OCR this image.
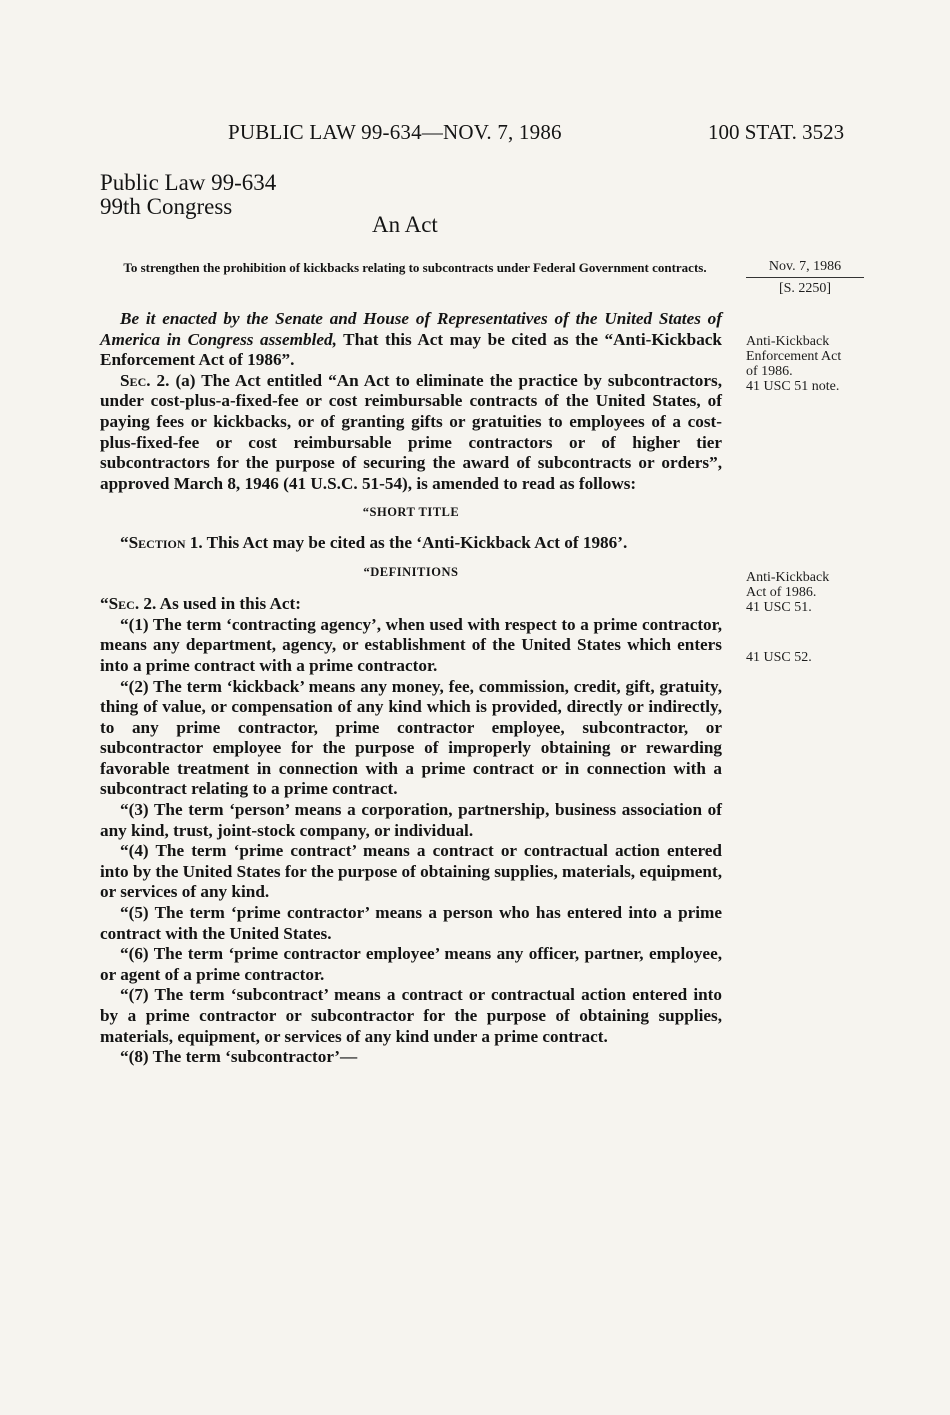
PUBLIC LAW 99-634—NOV. 7, 1986	100 STAT. 3523
Public Law 99-634
99th Congress
An Act
To strengthen the prohibition of kickbacks relating to subcontracts under Federal Government contracts.	Nov. 7, 1986
[S. 2250]
Anti-Kickback
Enforcement Act
of 1986.
41 USC 51 note.
Anti-Kickback
Act of 1986.
41 USC 51.
41 USC 52.

Be it enacted by the Senate and House of Representatives of the United States of America in Congress assembled, That this Act may be cited as the “Anti-Kickback Enforcement Act of 1986”.

Sec. 2. (a) The Act entitled “An Act to eliminate the practice by subcontractors, under cost-plus-a-fixed-fee or cost reimbursable contracts of the United States, of paying fees or kickbacks, or of granting gifts or gratuities to employees of a cost-plus-fixed-fee or cost reimbursable prime contractors or of higher tier subcontractors for the purpose of securing the award of subcontracts or orders”, approved March 8, 1946 (41 U.S.C. 51-54), is amended to read as follows:

“SHORT TITLE

“Section 1. This Act may be cited as the ‘Anti-Kickback Act of 1986’.

“DEFINITIONS

“Sec. 2. As used in this Act:

“(1) The term ‘contracting agency’, when used with respect to a prime contractor, means any department, agency, or establishment of the United States which enters into a prime contract with a prime contractor.

“(2) The term ‘kickback’ means any money, fee, commission, credit, gift, gratuity, thing of value, or compensation of any kind which is provided, directly or indirectly, to any prime contractor, prime contractor employee, subcontractor, or subcontractor employee for the purpose of improperly obtaining or rewarding favorable treatment in connection with a prime contract or in connection with a subcontract relating to a prime contract.

“(3) The term ‘person’ means a corporation, partnership, business association of any kind, trust, joint-stock company, or individual.

“(4) The term ‘prime contract’ means a contract or contractual action entered into by the United States for the purpose of obtaining supplies, materials, equipment, or services of any kind.

“(5) The term ‘prime contractor’ means a person who has entered into a prime contract with the United States.

“(6) The term ‘prime contractor employee’ means any officer, partner, employee, or agent of a prime contractor.

“(7) The term ‘subcontract’ means a contract or contractual action entered into by a prime contractor or subcontractor for the purpose of obtaining supplies, materials, equipment, or services of any kind under a prime contract.

“(8) The term ‘subcontractor’—
